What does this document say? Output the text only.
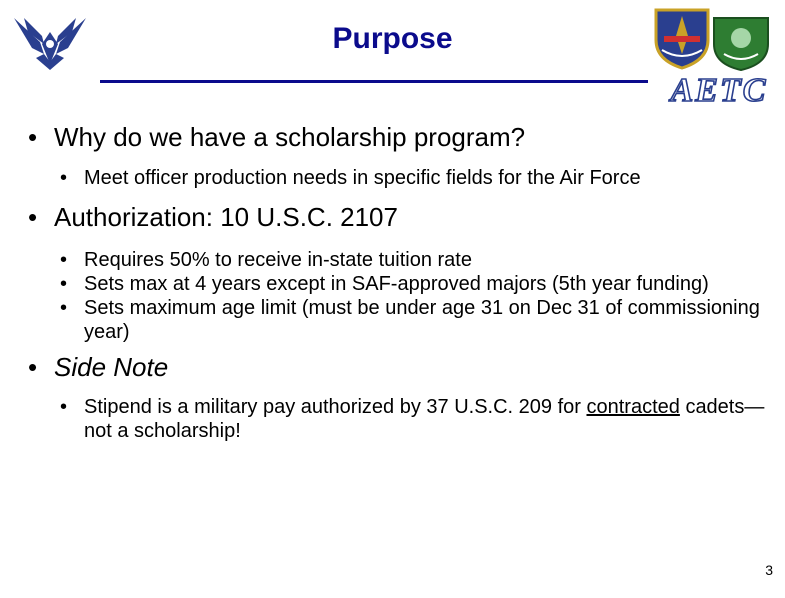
Purpose
AETC

• Why do we have a scholarship program?

• Meet officer production needs in specific fields for the Air Force

• Authorization: 10 U.S.C. 2107

• Requires 50% to receive in-state tuition rate
• Sets max at 4 years except in SAF-approved majors (5th year funding)
• Sets maximum age limit (must be under age 31 on Dec 31 of commissioning year)

• Side Note

• Stipend is a military pay authorized by 37 U.S.C. 209 for contracted cadets—not a scholarship!
3
